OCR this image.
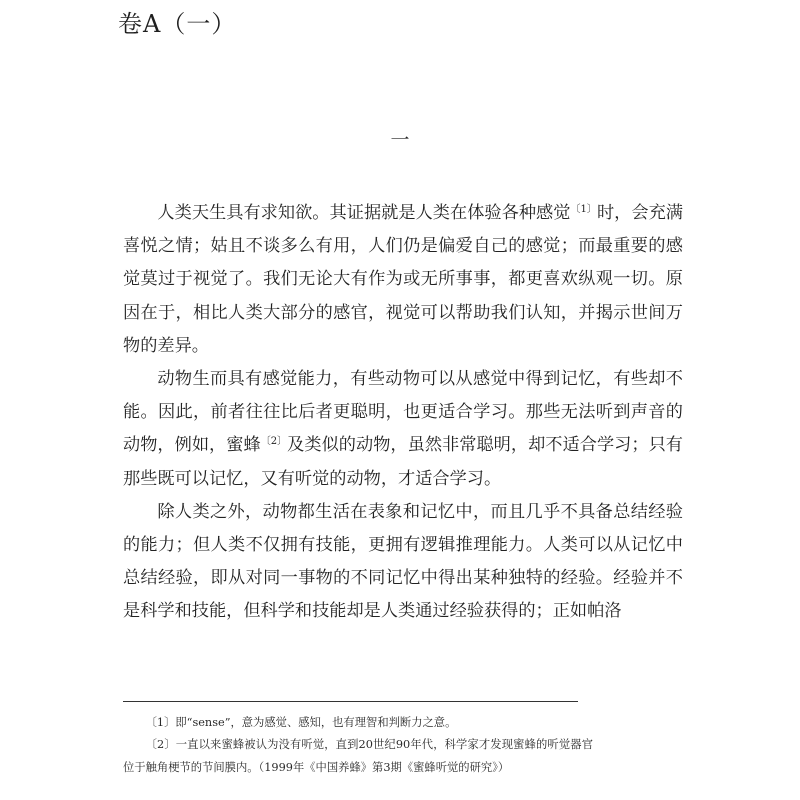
卷A（一）
一

人类天生具有求知欲。其证据就是人类在体验各种感觉$^{〔1〕}$时，会充满喜悦之情；姑且不谈多么有用，人们仍是偏爱自己的感觉；而最重要的感觉莫过于视觉了。我们无论大有作为或无所事事，都更喜欢纵观一切。原因在于，相比人类大部分的感官，视觉可以帮助我们认知，并揭示世间万物的差异。

动物生而具有感觉能力，有些动物可以从感觉中得到记忆，有些却不能。因此，前者往往比后者更聪明，也更适合学习。那些无法听到声音的动物，例如，蜜蜂$^{〔2〕}$及类似的动物，虽然非常聪明，却不适合学习；只有那些既可以记忆，又有听觉的动物，才适合学习。

除人类之外，动物都生活在表象和记忆中，而且几乎不具备总结经验的能力；但人类不仅拥有技能，更拥有逻辑推理能力。人类可以从记忆中总结经验，即从对同一事物的不同记忆中得出某种独特的经验。经验并不是科学和技能，但科学和技能却是人类通过经验获得的；正如帕洛

〔1〕即“sense”，意为感觉、感知，也有理智和判断力之意。

〔2〕一直以来蜜蜂被认为没有听觉，直到20世纪90年代，科学家才发现蜜蜂的听觉器官位于触角梗节的节间膜内。（1999年《中国养蜂》第3期《蜜蜂听觉的研究》）
